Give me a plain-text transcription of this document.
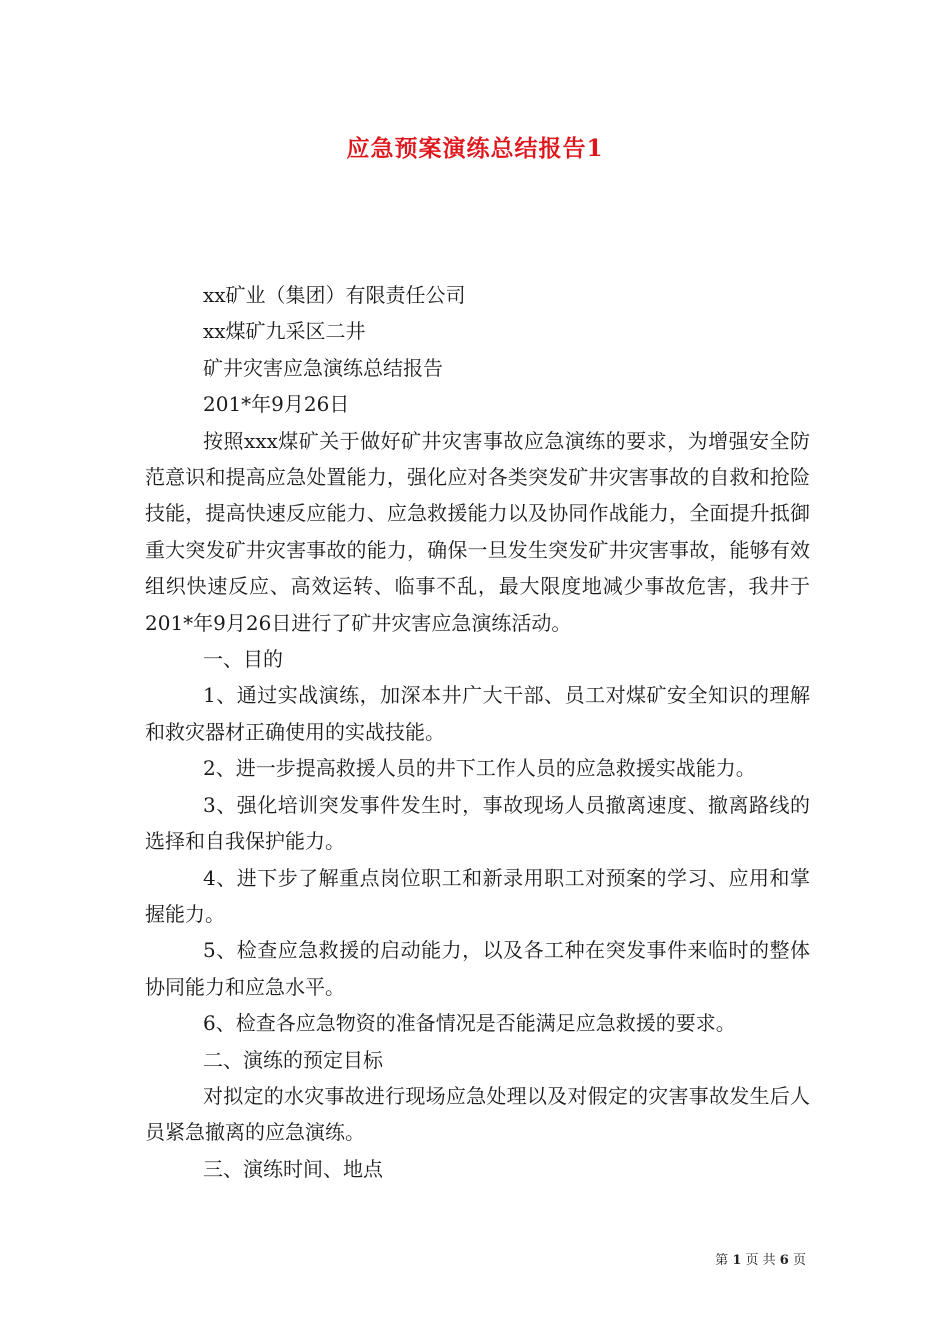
应急预案演练总结报告1

xx矿业（集团）有限责任公司

xx煤矿九采区二井

矿井灾害应急演练总结报告

201*年9月26日

按照xxx煤矿关于做好矿井灾害事故应急演练的要求，为增强安全防范意识和提高应急处置能力，强化应对各类突发矿井灾害事故的自救和抢险技能，提高快速反应能力、应急救援能力以及协同作战能力，全面提升抵御重大突发矿井灾害事故的能力，确保一旦发生突发矿井灾害事故，能够有效组织快速反应、高效运转、临事不乱，最大限度地减少事故危害，我井于201*年9月26日进行了矿井灾害应急演练活动。

一、目的

1、通过实战演练，加深本井广大干部、员工对煤矿安全知识的理解和救灾器材正确使用的实战技能。

2、进一步提高救援人员的井下工作人员的应急救援实战能力。

3、强化培训突发事件发生时，事故现场人员撤离速度、撤离路线的选择和自我保护能力。

4、进下步了解重点岗位职工和新录用职工对预案的学习、应用和掌握能力。

5、检查应急救援的启动能力，以及各工种在突发事件来临时的整体协同能力和应急水平。

6、检查各应急物资的准备情况是否能满足应急救援的要求。

二、演练的预定目标

对拟定的水灾事故进行现场应急处理以及对假定的灾害事故发生后人员紧急撤离的应急演练。

三、演练时间、地点

第 1 页 共 6 页
